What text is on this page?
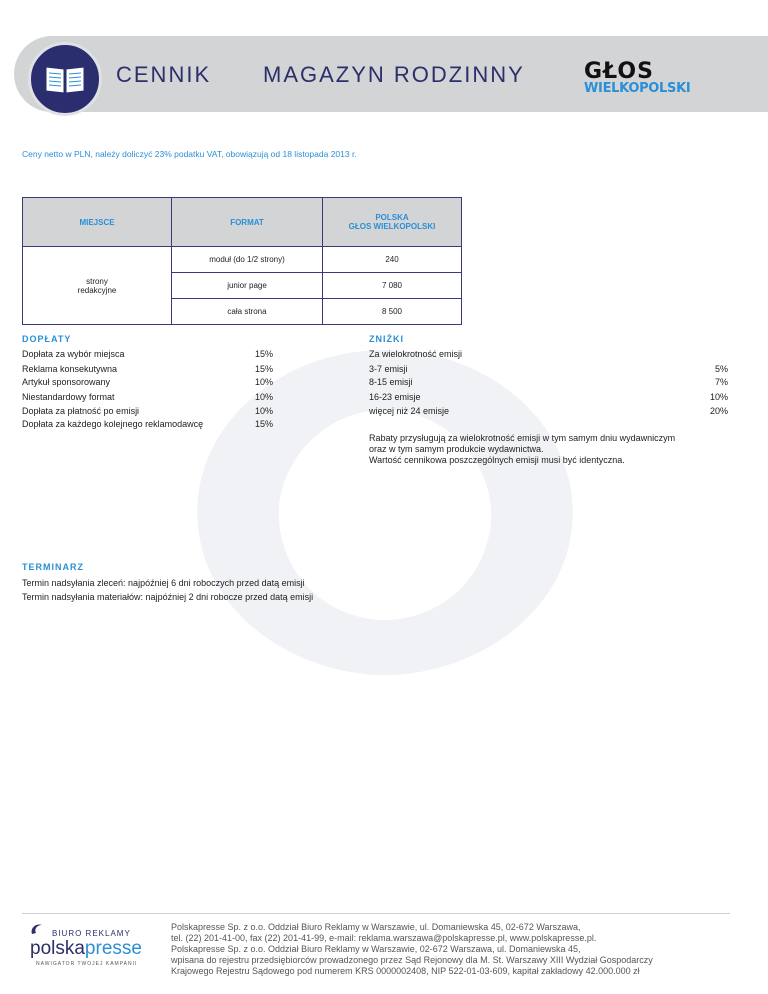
CENNIK MAGAZYN RODZINNY	GŁOS
WIELKOPOLSKI
Ceny netto w PLN, należy doliczyć 23% podatku VAT, obowiązują od 18 listopada 2013 r.
MIEJSCE	FORMAT	POLSKA
GŁOS WIELKOPOLSKI
strony
redakcyjne	moduł (do 1/2 strony)	240
	junior page	7 080
	cała strona	8 500
DOPŁATY
Dopłata za wybór miejsca	15%
Reklama konsekutywna	15%
Artykuł sponsorowany	10%
Niestandardowy format	10%
Dopłata za płatność po emisji	10%
Dopłata za każdego kolejnego reklamodawcę	15%
ZNIŻKI
Za wielokrotność emisji
3-7 emisji	5%
8-15 emisji	7%
16-23 emisje	10%
więcej niż 24 emisje	20%
Rabaty przysługują za wielokrotność emisji w tym samym dniu wydawniczym
oraz w tym samym produkcie wydawnictwa.
Wartość cennikowa poszczególnych emisji musi być identyczna.
TERMINARZ
Termin nadsyłania zleceń: najpóźniej 6 dni roboczych przed datą emisji
Termin nadsyłania materiałów: najpóźniej 2 dni robocze przed datą emisji
BIURO REKLAMY
polskapresse
NAWIGATOR TWOJEJ KAMPANII
Polskapresse Sp. z o.o. Oddział Biuro Reklamy w Warszawie, ul. Domaniewska 45, 02-672 Warszawa,
tel. (22) 201-41-00, fax (22) 201-41-99, e-mail: reklama.warszawa@polskapresse.pl, www.polskapresse.pl.
Polskapresse Sp. z o.o. Oddział Biuro Reklamy w Warszawie, 02-672 Warszawa, ul. Domaniewska 45,
wpisana do rejestru przedsiębiorców prowadzonego przez Sąd Rejonowy dla M. St. Warszawy XIII Wydział Gospodarczy
Krajowego Rejestru Sądowego pod numerem KRS 0000002408, NIP 522-01-03-609, kapitał zakładowy 42.000.000 zł
